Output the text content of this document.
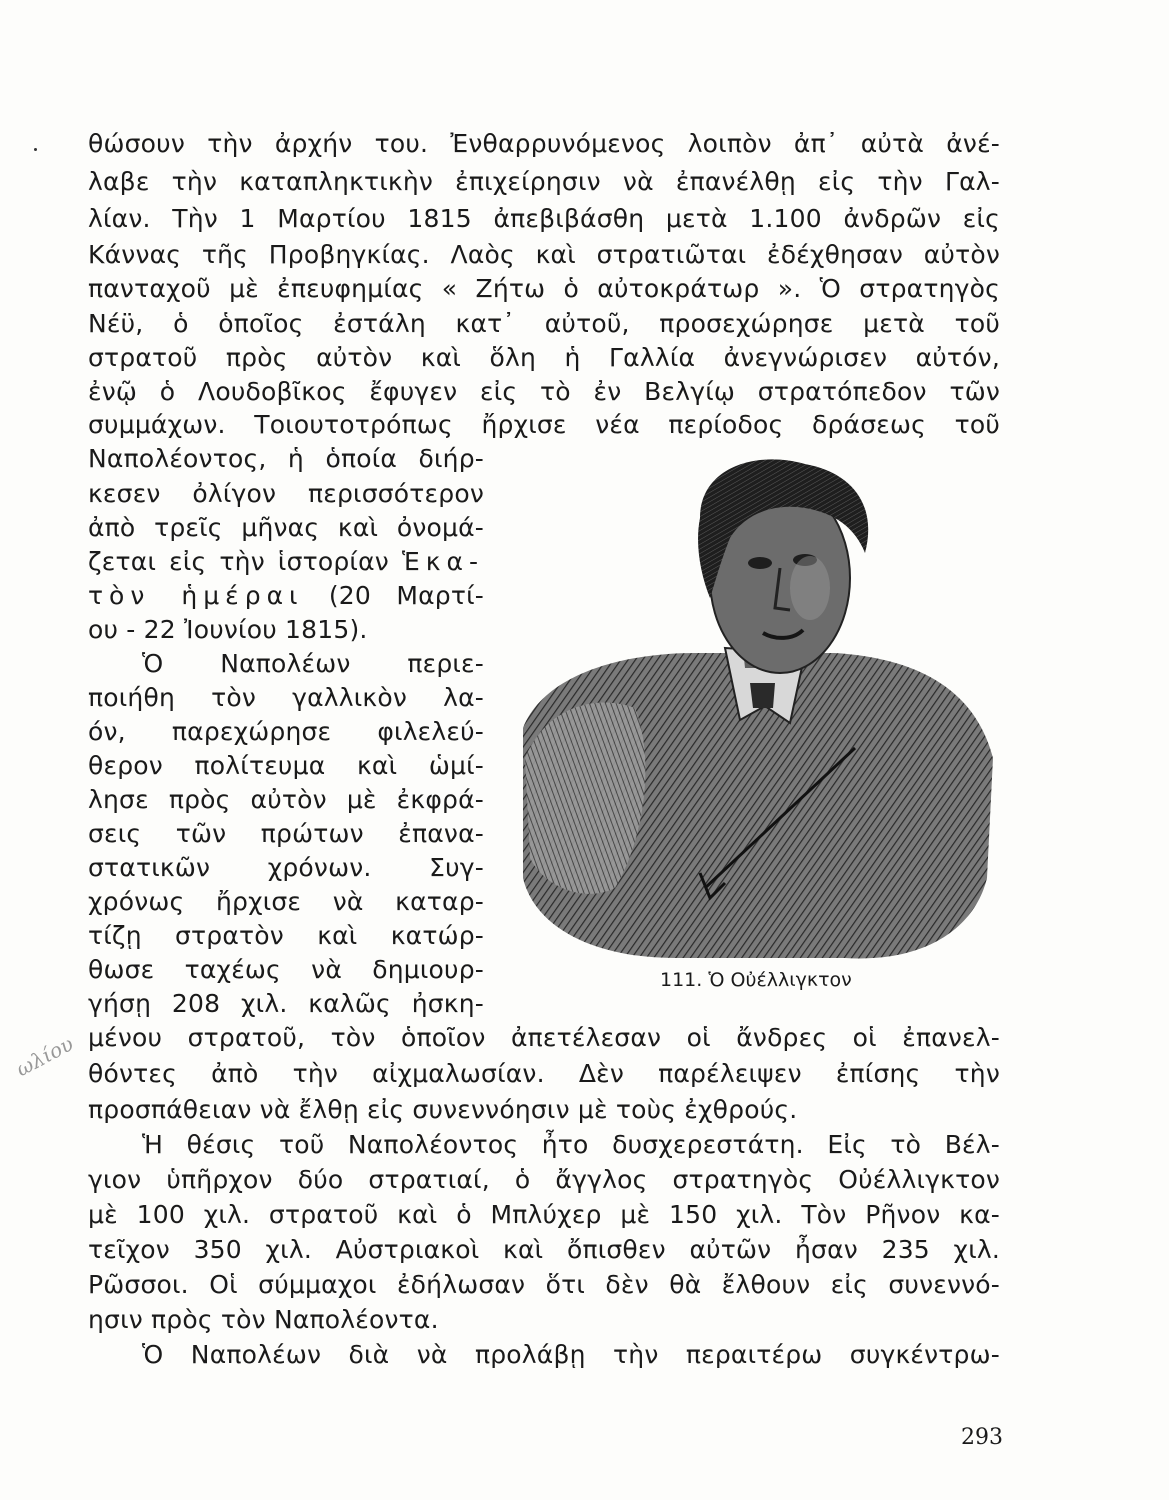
θώσουν τὴν ἀρχήν του. Ἐνθαρρυνόμενος λοιπὸν ἀπ᾿ αὐτὰ ἀνέ-

λαβε τὴν καταπληκτικὴν ἐπιχείρησιν νὰ ἐπανέλθῃ εἰς τὴν Γαλ-

λίαν. Τὴν 1 Μαρτίου 1815 ἀπεβιβάσθη μετὰ 1.100 ἀνδρῶν εἰς

Κάννας τῆς Προβηγκίας. Λαὸς καὶ στρατιῶται ἐδέχθησαν αὐτὸν

πανταχοῦ μὲ ἐπευφημίας « Ζήτω ὁ αὐτοκράτωρ ». Ὁ στρατηγὸς

Νέϋ, ὁ ὁποῖος ἐστάλη κατ᾿ αὐτοῦ, προσεχώρησε μετὰ τοῦ

στρατοῦ πρὸς αὐτὸν καὶ ὅλη ἡ Γαλλία ἀνεγνώρισεν αὐτόν,

ἐνῷ ὁ Λουδοβῖκος ἔφυγεν εἰς τὸ ἐν Βελγίῳ στρατόπεδον τῶν

συμμάχων. Τοιουτοτρόπως ἤρχισε νέα περίοδος δράσεως τοῦ

Ναπολέοντος, ἡ ὁποία διήρ-

κεσεν ὀλίγον περισσότερον

ἀπὸ τρεῖς μῆνας καὶ ὀνομά-

ζεται εἰς τὴν ἱστορίαν Ἑκα-

τὸν ἡμέραι (20 Μαρτί-

ου - 22 Ἰουνίου 1815).

Ὁ Ναπολέων περιε-

ποιήθη τὸν γαλλικὸν λα-

όν, παρεχώρησε φιλελεύ-

θερον πολίτευμα καὶ ὡμί-

λησε πρὸς αὐτὸν μὲ ἐκφρά-

σεις τῶν πρώτων ἐπανα-

στατικῶν χρόνων. Συγ-

χρόνως ἤρχισε νὰ καταρ-

τίζῃ στρατὸν καὶ κατώρ-

θωσε ταχέως νὰ δημιουρ-

γήσῃ 208 χιλ. καλῶς ἠσκη-

μένου στρατοῦ, τὸν ὁποῖον ἀπετέλεσαν οἱ ἄνδρες οἱ ἐπανελ-

θόντες ἀπὸ τὴν αἰχμαλωσίαν. Δὲν παρέλειψεν ἐπίσης τὴν

προσπάθειαν νὰ ἔλθῃ εἰς συνεννόησιν μὲ τοὺς ἐχθρούς.

Ἡ θέσις τοῦ Ναπολέοντος ἦτο δυσχερεστάτη. Εἰς τὸ Βέλ-

γιον ὑπῆρχον δύο στρατιαί, ὁ ἄγγλος στρατηγὸς Οὐέλλιγκτον

μὲ 100 χιλ. στρατοῦ καὶ ὁ Μπλύχερ μὲ 150 χιλ. Τὸν Ρῆνον κα-

τεῖχον 350 χιλ. Αὐστριακοὶ καὶ ὄπισθεν αὐτῶν ἦσαν 235 χιλ.

Ρῶσσοι. Οἱ σύμμαχοι ἐδήλωσαν ὅτι δὲν θὰ ἔλθουν εἰς συνεννό-

ησιν πρὸς τὸν Ναπολέοντα.

Ὁ Ναπολέων διὰ νὰ προλάβῃ τὴν περαιτέρω συγκέντρω-

111. Ὁ Οὐέλλιγκτον
ωλίου
293
